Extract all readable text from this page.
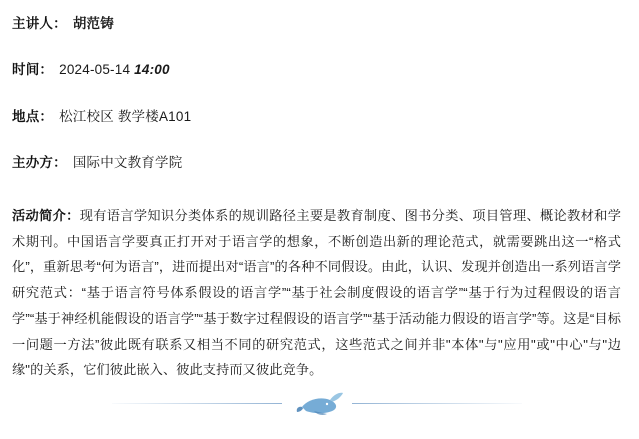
主讲人： 胡范铸
时间： 2024-05-14 14:00
地点： 松江校区 教学楼A101
主办方： 国际中文教育学院
活动简介：现有语言学知识分类体系的规训路径主要是教育制度、图书分类、项目管理、概论教材和学术期刊。中国语言学要真正打开对于语言学的想象，不断创造出新的理论范式，就需要跳出这一“格式化”，重新思考“何为语言”，进而提出对“语言”的各种不同假设。由此，认识、发现并创造出一系列语言学研究范式：“基于语言符号体系假设的语言学”“基于社会制度假设的语言学”“基于行为过程假设的语言学”“基于神经机能假设的语言学”“基于数字过程假设的语言学”“基于活动能力假设的语言学”等。这是“目标一问题一方法”彼此既有联系又相当不同的研究范式，这些范式之间并非"本体"与"应用"或"中心"与"边缘"的关系，它们彼此嵌入、彼此支持而又彼此竞争。
